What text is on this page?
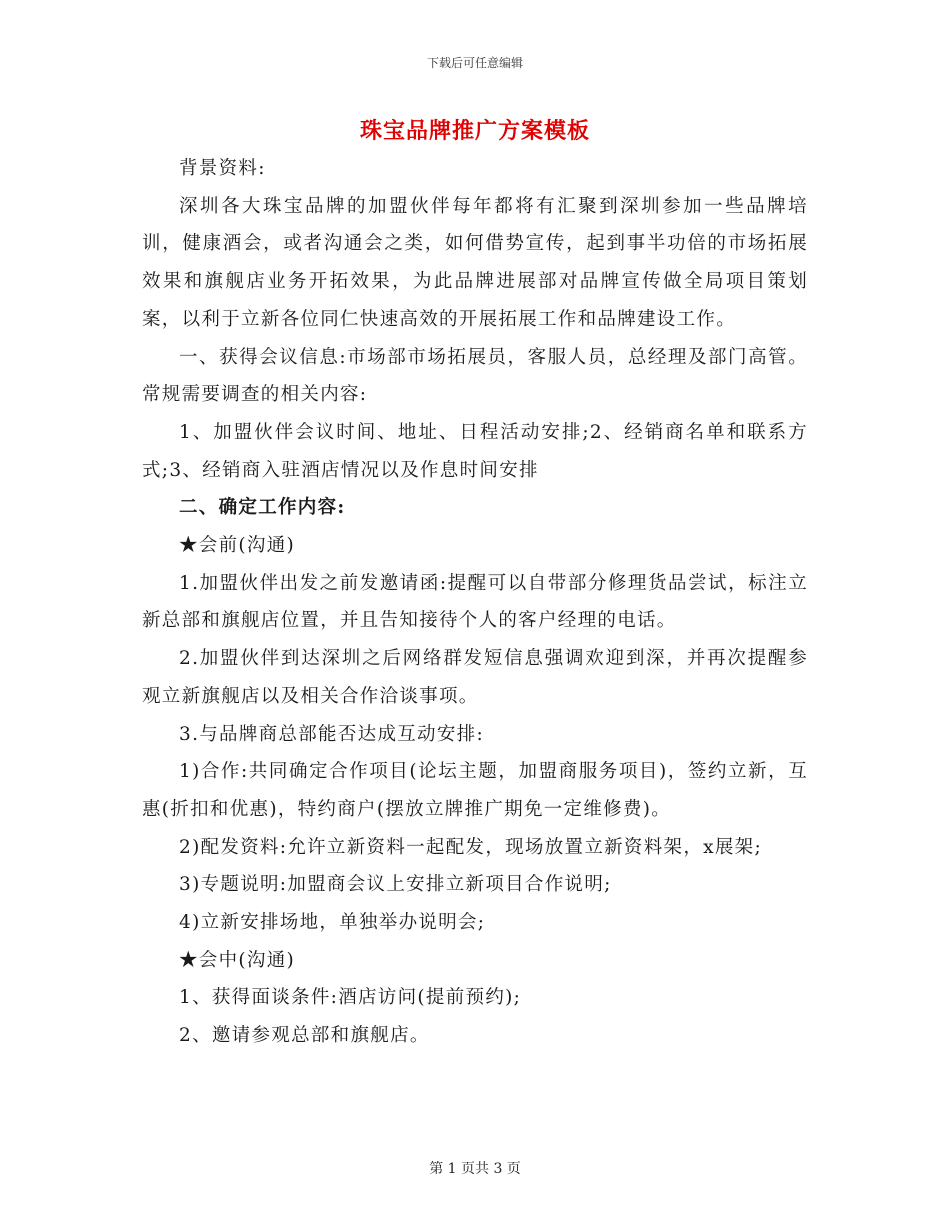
下载后可任意编辑
珠宝品牌推广方案模板

背景资料:

深圳各大珠宝品牌的加盟伙伴每年都将有汇聚到深圳参加一些品牌培训，健康酒会，或者沟通会之类，如何借势宣传，起到事半功倍的市场拓展效果和旗舰店业务开拓效果，为此品牌进展部对品牌宣传做全局项目策划案，以利于立新各位同仁快速高效的开展拓展工作和品牌建设工作。

一、获得会议信息:市场部市场拓展员，客服人员，总经理及部门高管。常规需要调查的相关内容:

1、加盟伙伴会议时间、地址、日程活动安排;2、经销商名单和联系方式;3、经销商入驻酒店情况以及作息时间安排

二、确定工作内容:

★会前(沟通)

1.加盟伙伴出发之前发邀请函:提醒可以自带部分修理货品尝试，标注立新总部和旗舰店位置，并且告知接待个人的客户经理的电话。

2.加盟伙伴到达深圳之后网络群发短信息强调欢迎到深，并再次提醒参观立新旗舰店以及相关合作洽谈事项。

3.与品牌商总部能否达成互动安排:

1)合作:共同确定合作项目(论坛主题，加盟商服务项目)，签约立新，互惠(折扣和优惠)，特约商户(摆放立牌推广期免一定维修费)。

2)配发资料:允许立新资料一起配发，现场放置立新资料架，x展架;

3)专题说明:加盟商会议上安排立新项目合作说明;

4)立新安排场地，单独举办说明会;

★会中(沟通)

1、获得面谈条件:酒店访问(提前预约);

2、邀请参观总部和旗舰店。

第 1 页共 3 页
